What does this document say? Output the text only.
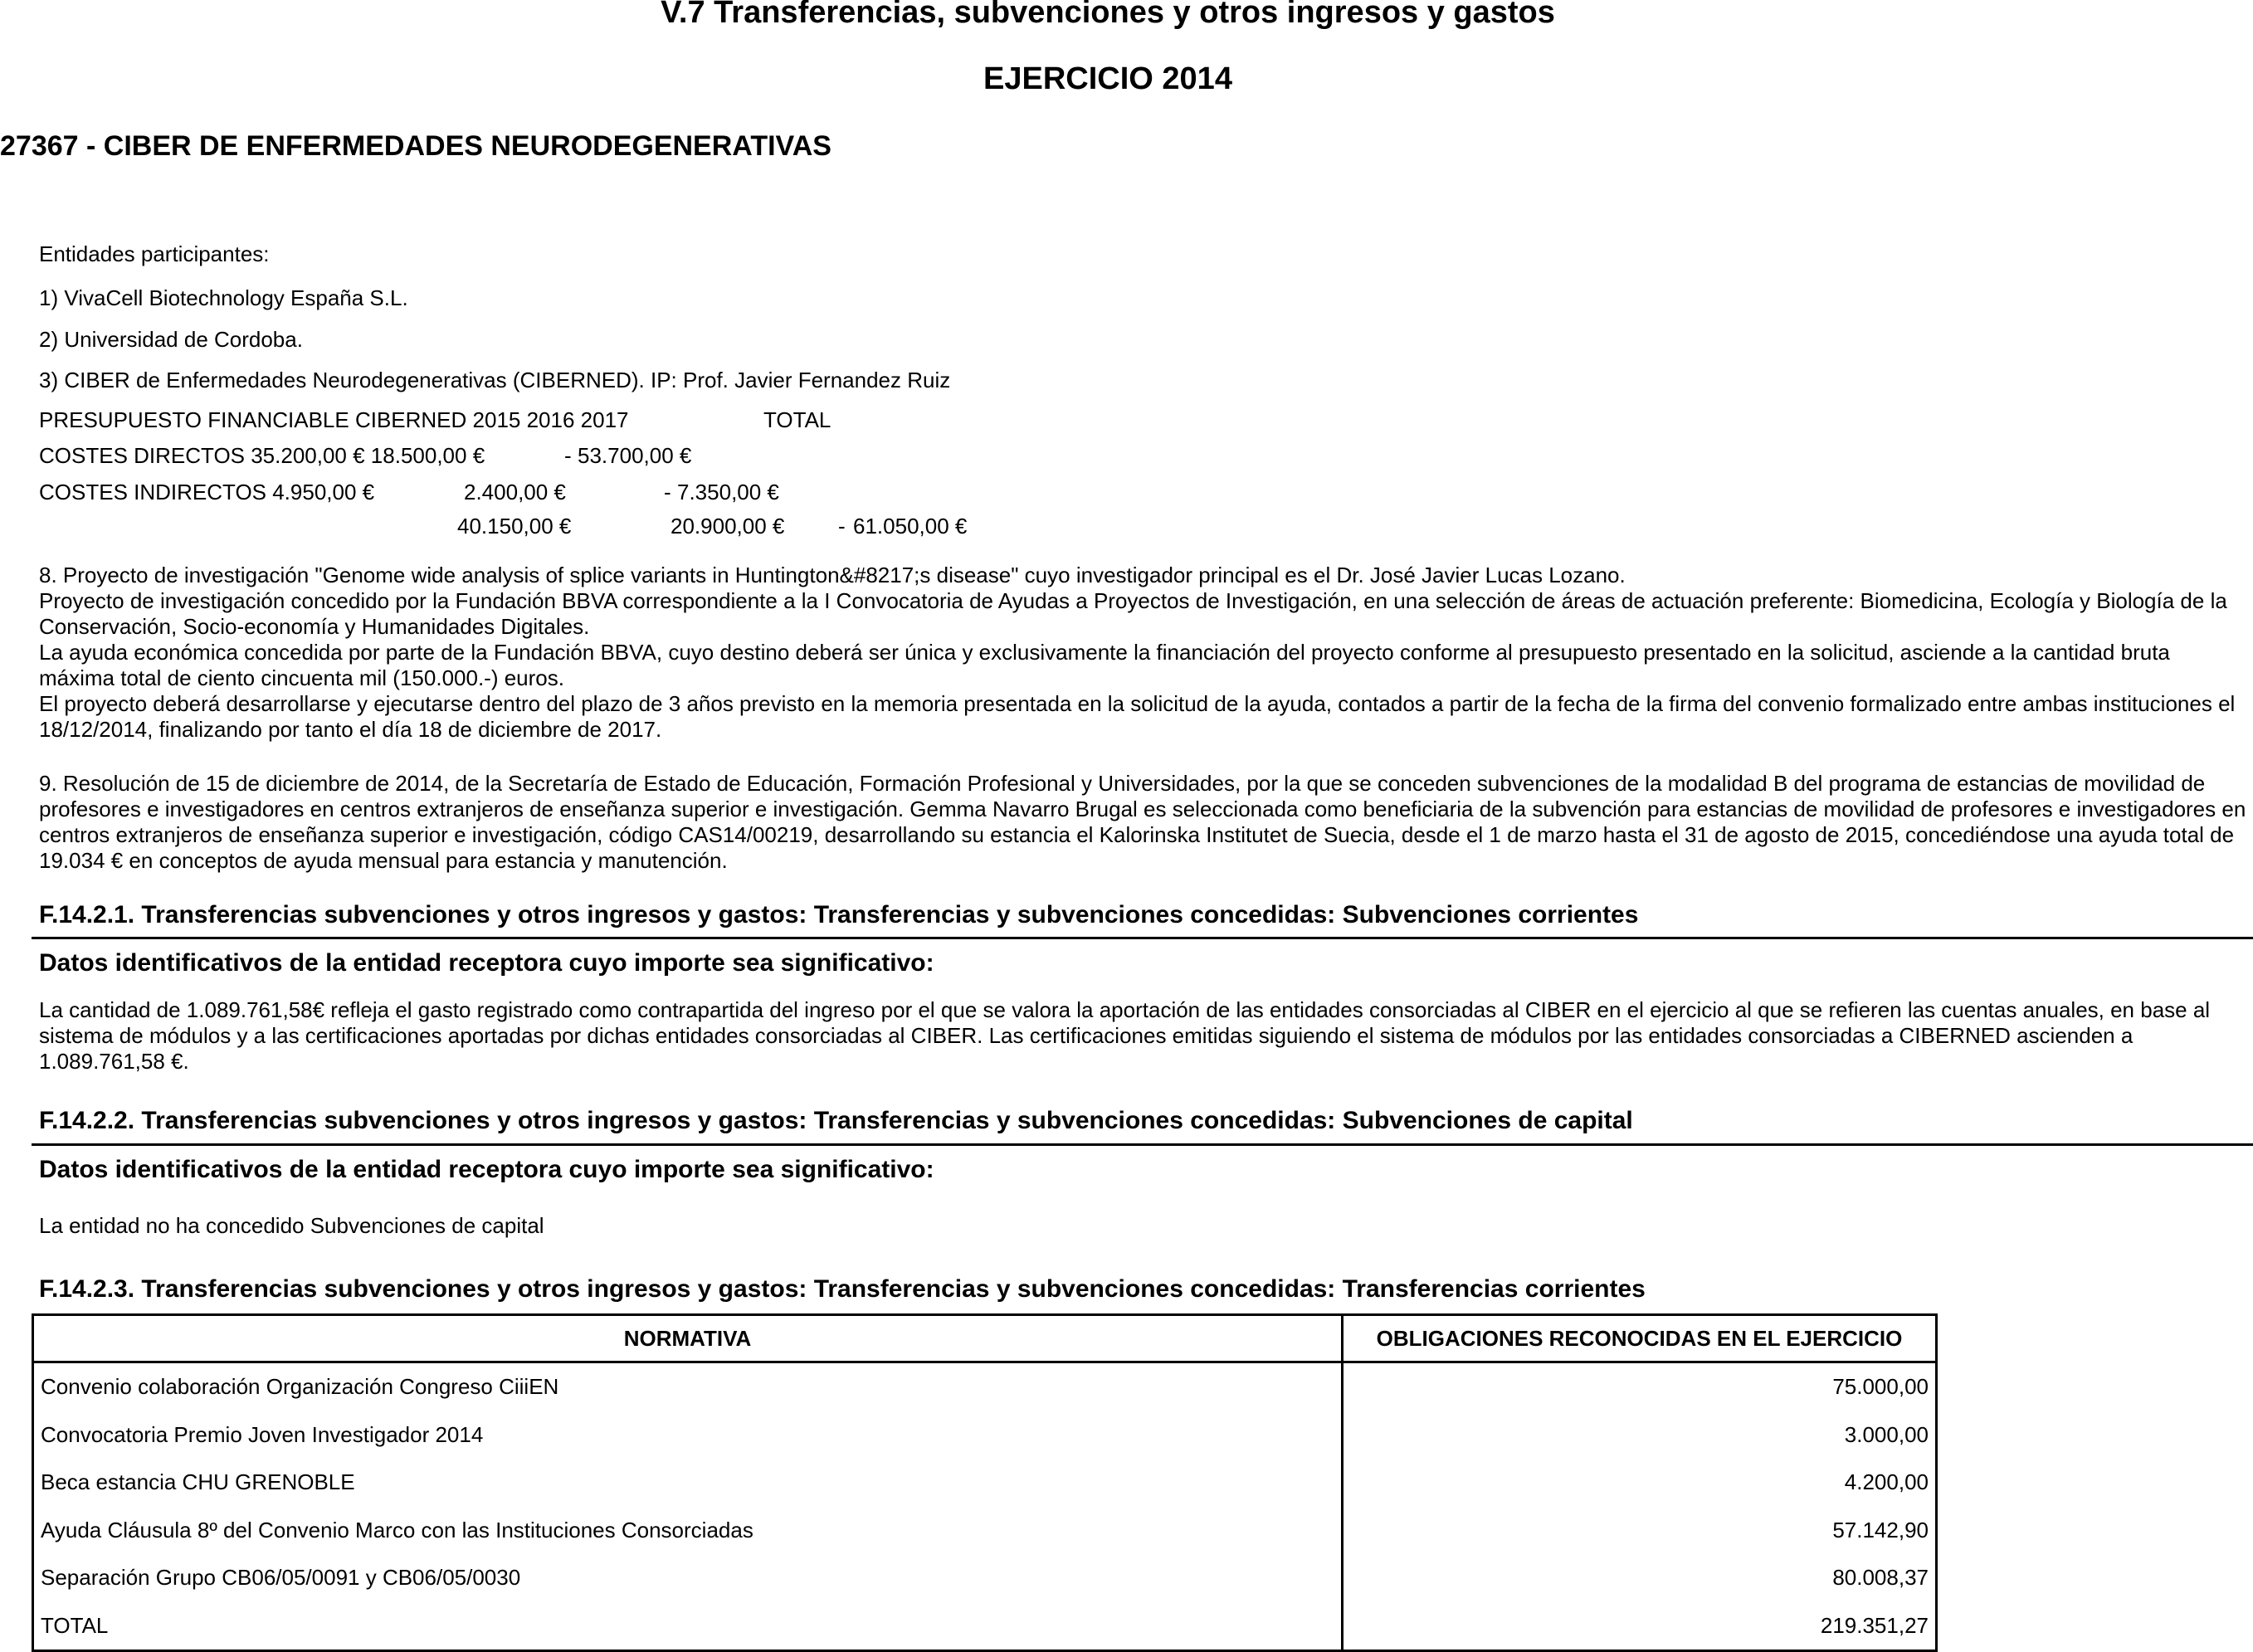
V.7 Transferencias, subvenciones y otros ingresos y gastos
EJERCICIO 2014
27367 - CIBER DE ENFERMEDADES NEURODEGENERATIVAS
Entidades participantes:
1) VivaCell Biotechnology España S.L.
2) Universidad de Cordoba.
3) CIBER de Enfermedades Neurodegenerativas (CIBERNED). IP: Prof. Javier Fernandez Ruiz
PRESUPUESTO FINANCIABLE CIBERNED 2015 2016 2017	TOTAL
COSTES DIRECTOS 35.200,00 € 18.500,00 €	- 53.700,00 €
COSTES INDIRECTOS 4.950,00 €	2.400,00 €	- 7.350,00 €
40.150,00 €	20.900,00 € - 61.050,00 €

8. Proyecto de investigación "Genome wide analysis of splice variants in Huntington&#8217;s disease" cuyo investigador principal es el Dr. José Javier Lucas Lozano.

Proyecto de investigación concedido por la Fundación BBVA correspondiente a la I Convocatoria de Ayudas a Proyectos de Investigación, en una selección de áreas de actuación preferente: Biomedicina, Ecología y Biología de la Conservación, Socio-economía y Humanidades Digitales.

La ayuda económica concedida por parte de la Fundación BBVA, cuyo destino deberá ser única y exclusivamente la financiación del proyecto conforme al presupuesto presentado en la solicitud, asciende a la cantidad bruta máxima total de ciento cincuenta mil (150.000.-) euros.

El proyecto deberá desarrollarse y ejecutarse dentro del plazo de 3 años previsto en la memoria presentada en la solicitud de la ayuda, contados a partir de la fecha de la firma del convenio formalizado entre ambas instituciones el 18/12/2014, finalizando por tanto el día 18 de diciembre de 2017.

9. Resolución de 15 de diciembre de 2014, de la Secretaría de Estado de Educación, Formación Profesional y Universidades, por la que se conceden subvenciones de la modalidad B del programa de estancias de movilidad de profesores e investigadores en centros extranjeros de enseñanza superior e investigación. Gemma Navarro Brugal es seleccionada como beneficiaria de la subvención para estancias de movilidad de profesores e investigadores en centros extranjeros de enseñanza superior e investigación, código CAS14/00219, desarrollando su estancia el Kalorinska Institutet de Suecia, desde el 1 de marzo hasta el 31 de agosto de 2015, concediéndose una ayuda total de 19.034 € en conceptos de ayuda mensual para estancia y manutención.

F.14.2.1. Transferencias subvenciones y otros ingresos y gastos: Transferencias y subvenciones concedidas: Subvenciones corrientes
Datos identificativos de la entidad receptora cuyo importe sea significativo:

La cantidad de 1.089.761,58€ refleja el gasto registrado como contrapartida del ingreso por el que se valora la aportación de las entidades consorciadas al CIBER en el ejercicio al que se refieren las cuentas anuales, en base al sistema de módulos y a las certificaciones aportadas por dichas entidades consorciadas al CIBER. Las certificaciones emitidas siguiendo el sistema de módulos por las entidades consorciadas a CIBERNED ascienden a 1.089.761,58 €.

F.14.2.2. Transferencias subvenciones y otros ingresos y gastos: Transferencias y subvenciones concedidas: Subvenciones de capital
Datos identificativos de la entidad receptora cuyo importe sea significativo:
La entidad no ha concedido Subvenciones de capital
F.14.2.3. Transferencias subvenciones y otros ingresos y gastos: Transferencias y subvenciones concedidas: Transferencias corrientes
NORMATIVA	OBLIGACIONES RECONOCIDAS EN EL EJERCICIO
Convenio colaboración Organización Congreso CiiiEN	75.000,00
Convocatoria Premio Joven Investigador 2014	3.000,00
Beca estancia CHU GRENOBLE	4.200,00
Ayuda Cláusula 8º del Convenio Marco con las Instituciones Consorciadas	57.142,90
Separación Grupo CB06/05/0091 y CB06/05/0030	80.008,37
TOTAL	219.351,27
